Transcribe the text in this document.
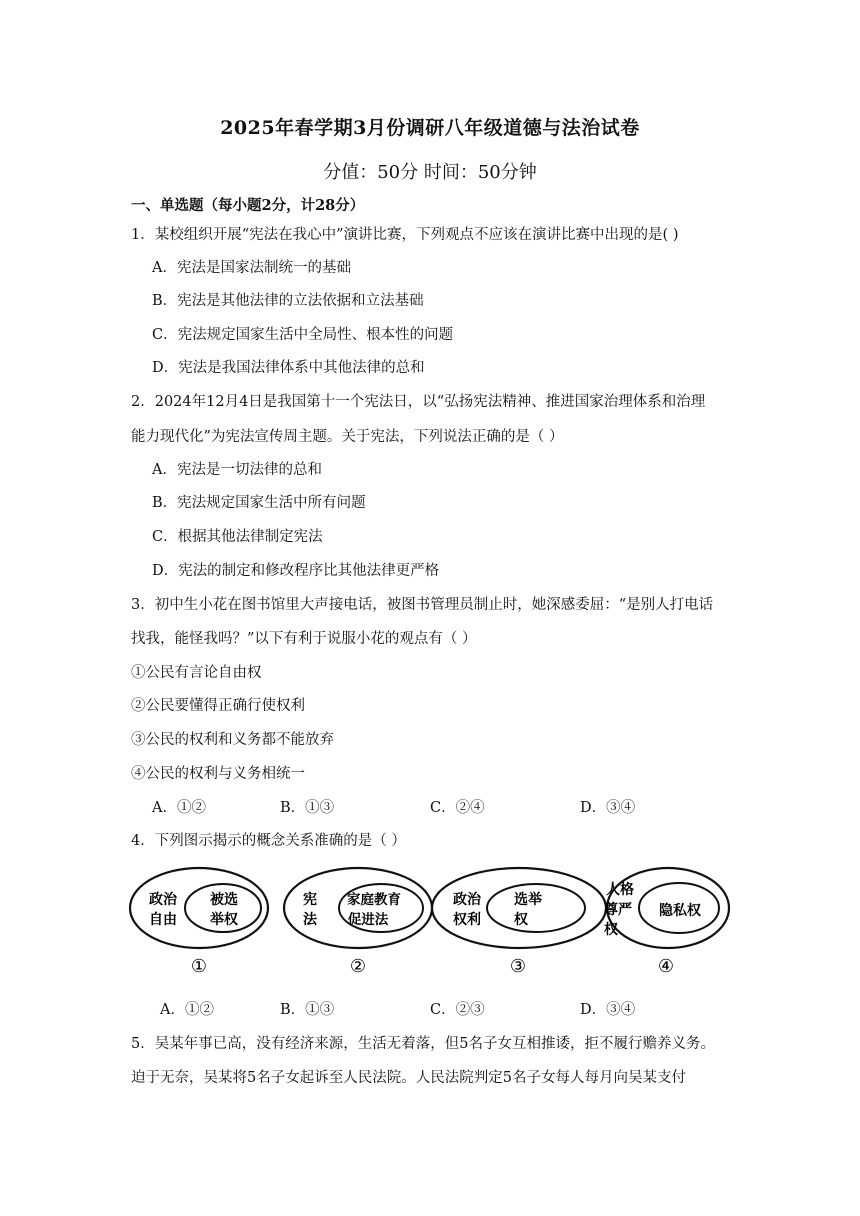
2025年春学期3月份调研八年级道德与法治试卷
分值：50分 时间：50分钟
一、单选题（每小题2分，计28分）
1．某校组织开展“宪法在我心中”演讲比赛，下列观点不应该在演讲比赛中出现的是( )
A．宪法是国家法制统一的基础
B．宪法是其他法律的立法依据和立法基础
C．宪法规定国家生活中全局性、根本性的问题
D．宪法是我国法律体系中其他法律的总和
2．2024年12月4日是我国第十一个宪法日，以“弘扬宪法精神、推进国家治理体系和治理
能力现代化”为宪法宣传周主题。关于宪法，下列说法正确的是（ ）
A．宪法是一切法律的总和
B．宪法规定国家生活中所有问题
C．根据其他法律制定宪法
D．宪法的制定和修改程序比其他法律更严格
3．初中生小花在图书馆里大声接电话，被图书管理员制止时，她深感委屈：“是别人打电话
找我，能怪我吗？”以下有利于说服小花的观点有（ ）
①公民有言论自由权
②公民要懂得正确行使权利
③公民的权利和义务都不能放弃
④公民的权利与义务相统一
A．①②	B．①③	C．②④	D．③④
4．下列图示揭示的概念关系准确的是（ ）
政治
自由
被选
举权
①
宪
法
家庭教育
促进法
②
政治
权利
选举
权
③
人格
尊严
权
隐私权
④
A．①②	B．①③	C．②③	D．③④
5．吴某年事已高，没有经济来源，生活无着落，但5名子女互相推诿，拒不履行赡养义务。
迫于无奈，吴某将5名子女起诉至人民法院。人民法院判定5名子女每人每月向吴某支付
